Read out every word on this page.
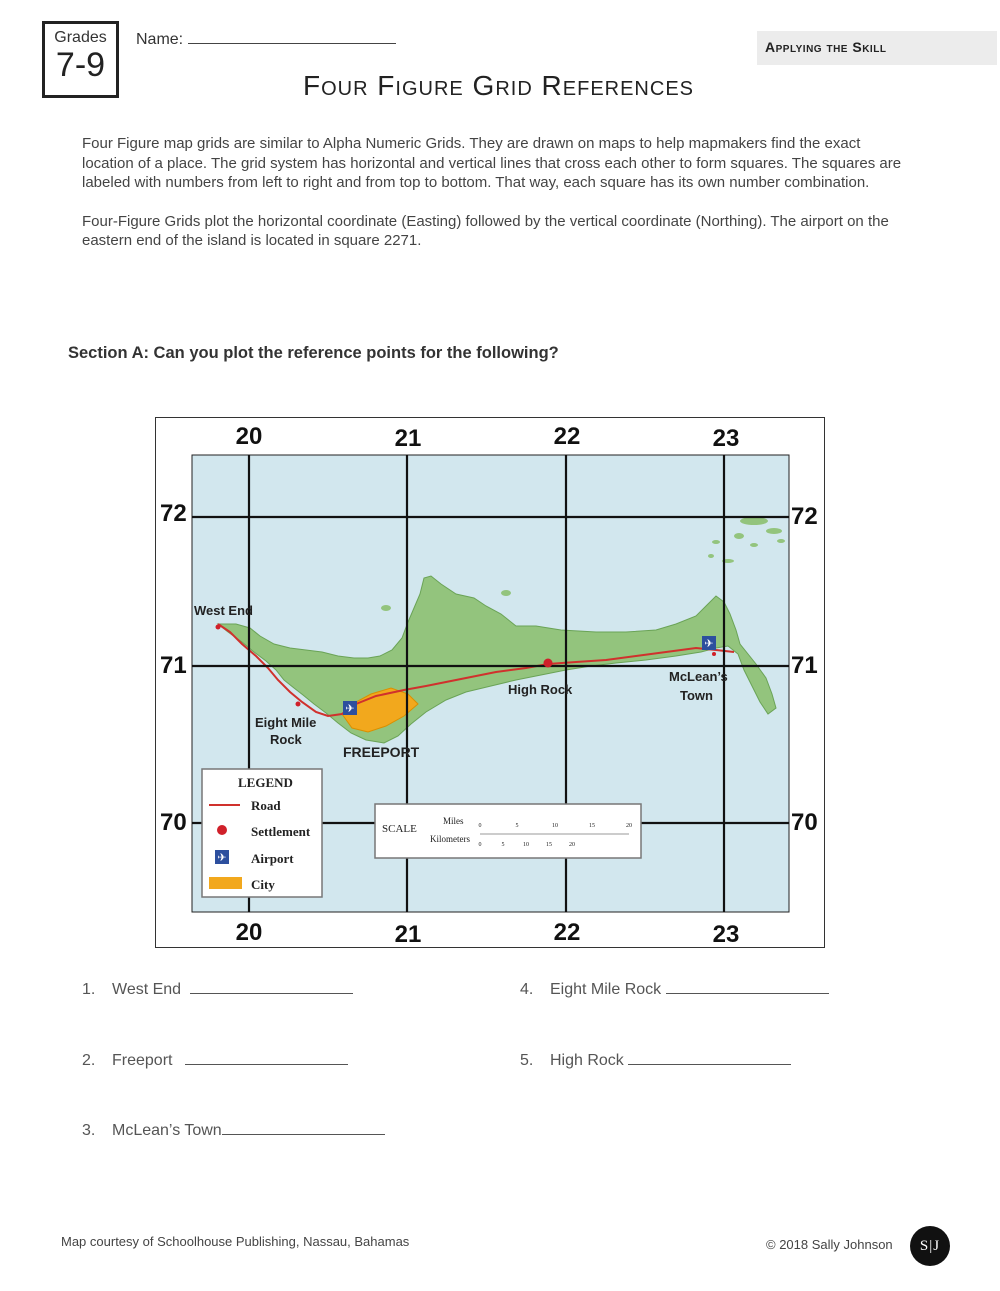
Grades
7-9
Name:	Applying the Skill
Four Figure Grid References

Four Figure map grids are similar to Alpha Numeric Grids. They are drawn on maps to help mapmakers find the exact location of a place. The grid system has horizontal and vertical lines that cross each other to form squares. The squares are labeled with numbers from left to right and from top to bottom. That way, each square has its own number combination.

Four-Figure Grids plot the horizontal coordinate (Easting) followed by the vertical coordinate (Northing). The airport on the eastern end of the island is located in square 2271.

Section A: Can you plot the reference points for the following?
✈
✈
20	21	22	23
20	21	22	23
72
71
70
72
71
70
West End
Eight Mile
Rock
FREEPORT
High Rock
McLean’s
Town
LEGEND
Road
Settlement
✈ Airport
City
SCALE
Miles
Kilometers
0	5	10	15	20
0	5	10	15	20
1. West End
2. Freeport
3. McLean’s Town
4. Eight Mile Rock
5. High Rock
Map courtesy of Schoolhouse Publishing, Nassau, Bahamas	© 2018 Sally Johnson	S|J
